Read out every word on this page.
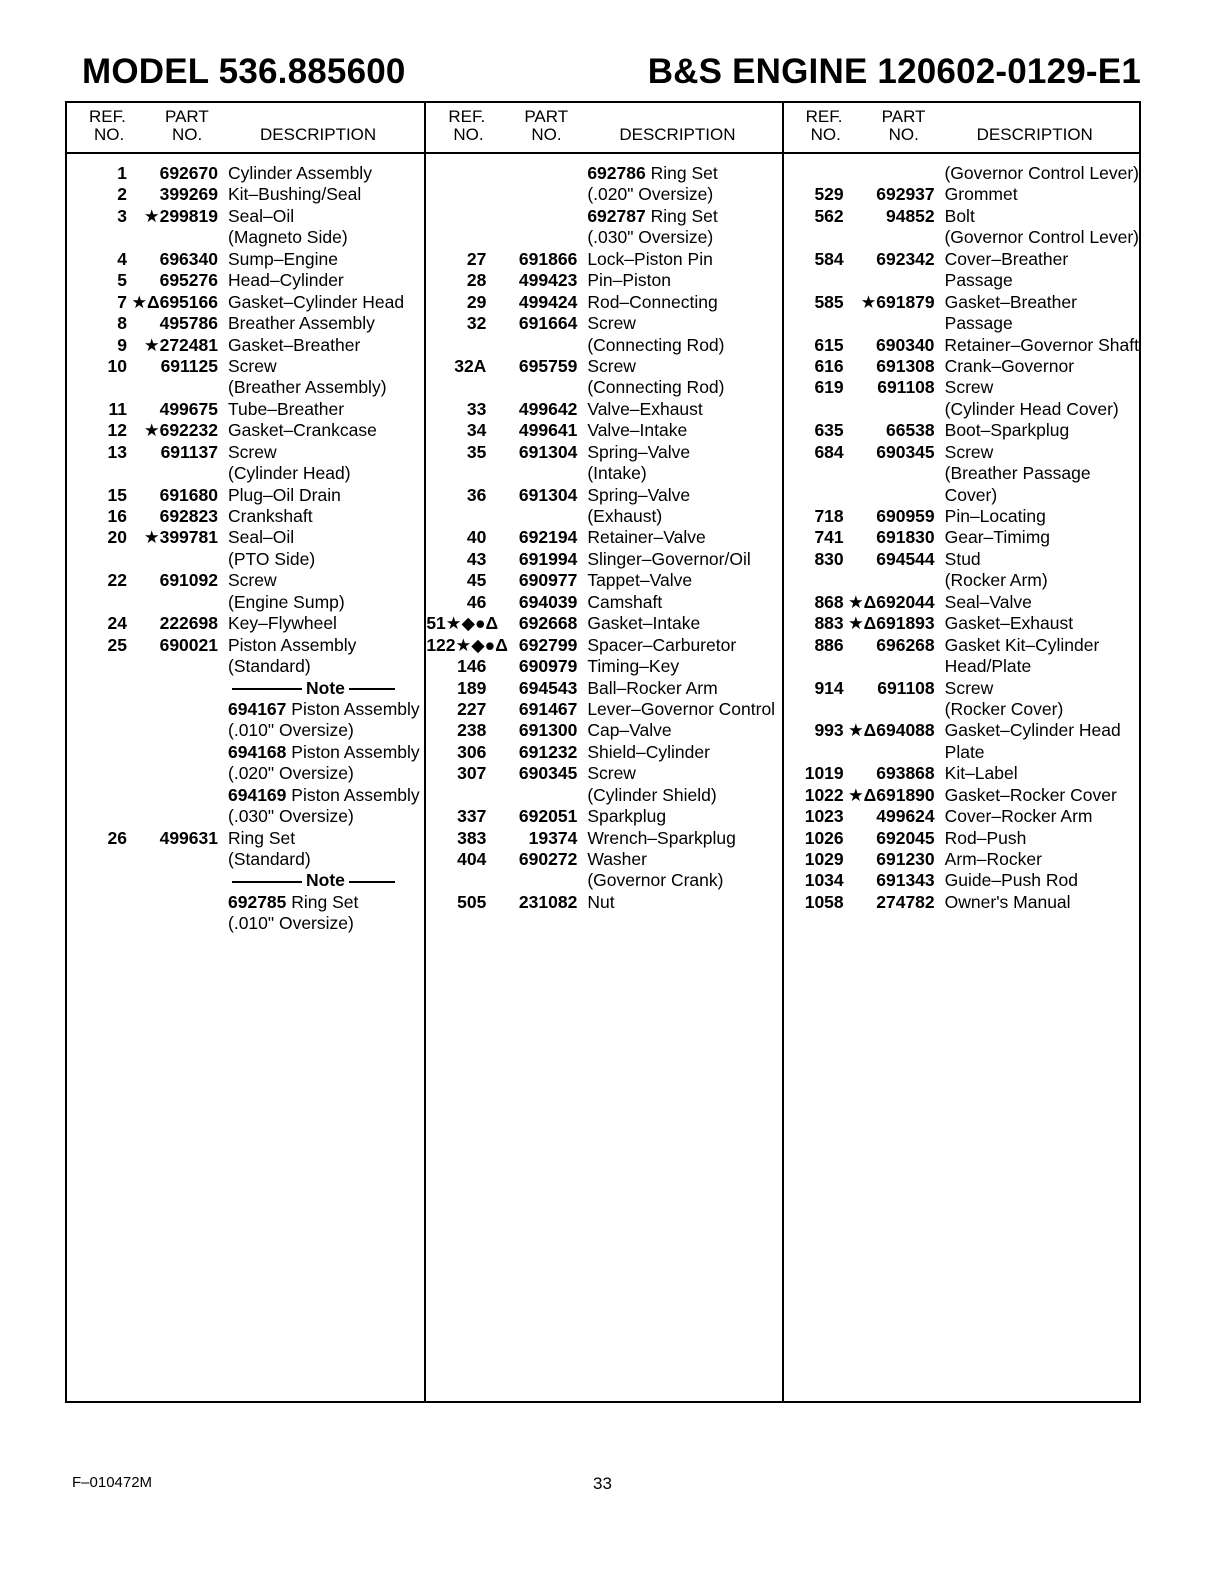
MODEL 536.885600	B&S ENGINE 120602-0129-E1
REF.
NO.
PART
NO.	DESCRIPTION
1	692670 Cylinder Assembly
2	399269 Kit–Bushing/Seal
3 ★299819 Seal–Oil
(Magneto Side)
4	696340 Sump–Engine
5	695276 Head–Cylinder
7 ★Δ695166 Gasket–Cylinder Head
8	495786 Breather Assembly
9 ★272481 Gasket–Breather
10	691125 Screw
(Breather Assembly)
11	499675 Tube–Breather
12 ★692232 Gasket–Crankcase
13	691137 Screw
(Cylinder Head)
15	691680 Plug–Oil Drain
16	692823 Crankshaft
20 ★399781 Seal–Oil
(PTO Side)
22	691092 Screw
(Engine Sump)
24	222698 Key–Flywheel
25	690021 Piston Assembly
(Standard)
Note
694167 Piston Assembly
(.010" Oversize)
694168 Piston Assembly
(.020" Oversize)
694169 Piston Assembly
(.030" Oversize)
26	499631 Ring Set
(Standard)
Note
692785 Ring Set
(.010" Oversize)
REF.
NO.
PART
NO.	DESCRIPTION
692786 Ring Set
(.020" Oversize)
692787 Ring Set
(.030" Oversize)
27	691866 Lock–Piston Pin
28	499423 Pin–Piston
29	499424 Rod–Connecting
32	691664 Screw
(Connecting Rod)
32A	695759 Screw
(Connecting Rod)
33	499642 Valve–Exhaust
34	499641 Valve–Intake
35	691304 Spring–Valve
(Intake)
36	691304 Spring–Valve
(Exhaust)
40	692194 Retainer–Valve
43	691994 Slinger–Governor/Oil
45	690977 Tappet–Valve
46	694039 Camshaft
51★◆●Δ	692668 Gasket–Intake
122★◆●Δ 692799 Spacer–Carburetor
146	690979 Timing–Key
189	694543 Ball–Rocker Arm
227	691467 Lever–Governor Control
238	691300 Cap–Valve
306	691232 Shield–Cylinder
307	690345 Screw
(Cylinder Shield)
337	692051 Sparkplug
383	19374 Wrench–Sparkplug
404	690272 Washer
(Governor Crank)
505	231082 Nut
REF.
NO.
PART
NO.	DESCRIPTION
(Governor Control Lever)
529	692937 Grommet
562	94852 Bolt
(Governor Control Lever)
584	692342 Cover–Breather
Passage
585 ★691879 Gasket–Breather
Passage
615	690340 Retainer–Governor Shaft
616	691308 Crank–Governor
619	691108 Screw
(Cylinder Head Cover)
635	66538 Boot–Sparkplug
684	690345 Screw
(Breather Passage
Cover)
718	690959 Pin–Locating
741	691830 Gear–Timimg
830	694544 Stud
(Rocker Arm)
868 ★Δ692044 Seal–Valve
883 ★Δ691893 Gasket–Exhaust
886	696268 Gasket Kit–Cylinder
Head/Plate
914	691108 Screw
(Rocker Cover)
993 ★Δ694088 Gasket–Cylinder Head
Plate
1019	693868 Kit–Label
1022 ★Δ691890 Gasket–Rocker Cover
1023	499624 Cover–Rocker Arm
1026	692045 Rod–Push
1029	691230 Arm–Rocker
1034	691343 Guide–Push Rod
1058	274782 Owner's Manual
F–010472M	33
